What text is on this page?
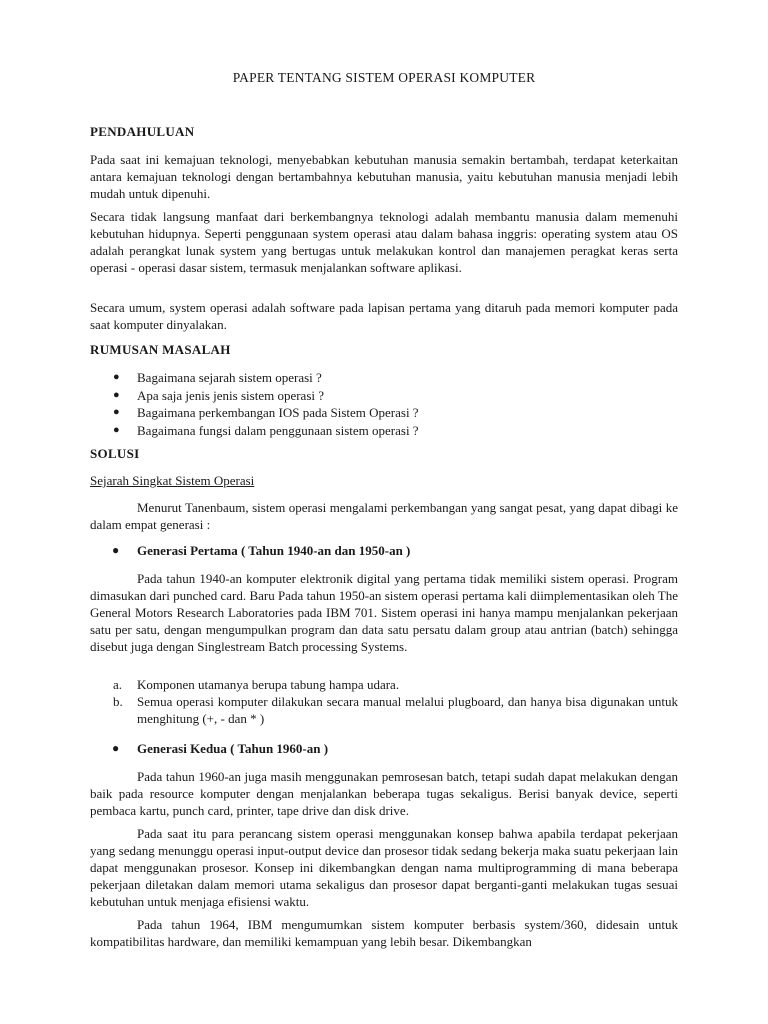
PAPER TENTANG SISTEM OPERASI KOMPUTER
PENDAHULUAN
Pada saat ini kemajuan teknologi, menyebabkan kebutuhan manusia semakin bertambah, terdapat keterkaitan antara kemajuan teknologi dengan bertambahnya kebutuhan manusia, yaitu kebutuhan manusia menjadi lebih mudah untuk dipenuhi.
Secara tidak langsung manfaat dari berkembangnya teknologi adalah membantu manusia dalam memenuhi kebutuhan hidupnya. Seperti penggunaan system operasi atau dalam bahasa inggris: operating system atau OS adalah perangkat lunak system yang bertugas untuk melakukan kontrol dan manajemen peragkat keras serta operasi - operasi dasar sistem, termasuk menjalankan software aplikasi.
Secara umum, system operasi adalah software pada lapisan pertama yang ditaruh pada memori komputer pada saat komputer dinyalakan.
RUMUSAN MASALAH
● Bagaimana sejarah sistem operasi ?
● Apa saja jenis jenis sistem operasi ?
● Bagaimana perkembangan IOS pada Sistem Operasi ?
● Bagaimana fungsi dalam penggunaan sistem operasi ?
SOLUSI
Sejarah Singkat Sistem Operasi
Menurut Tanenbaum, sistem operasi mengalami perkembangan yang sangat pesat, yang dapat dibagi ke dalam empat generasi :
● Generasi Pertama ( Tahun 1940-an dan 1950-an )
Pada tahun 1940-an komputer elektronik digital yang pertama tidak memiliki sistem operasi. Program dimasukan dari punched card. Baru Pada tahun 1950-an sistem operasi pertama kali diimplementasikan oleh The General Motors Research Laboratories pada IBM 701. Sistem operasi ini hanya mampu menjalankan pekerjaan satu per satu, dengan mengumpulkan program dan data satu persatu dalam group atau antrian (batch) sehingga disebut juga dengan Singlestream Batch processing Systems.
a. Komponen utamanya berupa tabung hampa udara.
b. Semua operasi komputer dilakukan secara manual melalui plugboard, dan hanya bisa digunakan untuk menghitung (+, - dan * )
● Generasi Kedua ( Tahun 1960-an )
Pada tahun 1960-an juga masih menggunakan pemrosesan batch, tetapi sudah dapat melakukan dengan baik pada resource komputer dengan menjalankan beberapa tugas sekaligus. Berisi banyak device, seperti pembaca kartu, punch card, printer, tape drive dan disk drive.
Pada saat itu para perancang sistem operasi menggunakan konsep bahwa apabila terdapat pekerjaan yang sedang menunggu operasi input-output device dan prosesor tidak sedang bekerja maka suatu pekerjaan lain dapat menggunakan prosesor. Konsep ini dikembangkan dengan nama multiprogramming di mana beberapa pekerjaan diletakan dalam memori utama sekaligus dan prosesor dapat berganti-ganti melakukan tugas sesuai kebutuhan untuk menjaga efisiensi waktu.
Pada tahun 1964, IBM mengumumkan sistem komputer berbasis system/360, didesain untuk kompatibilitas hardware, dan memiliki kemampuan yang lebih besar. Dikembangkan
